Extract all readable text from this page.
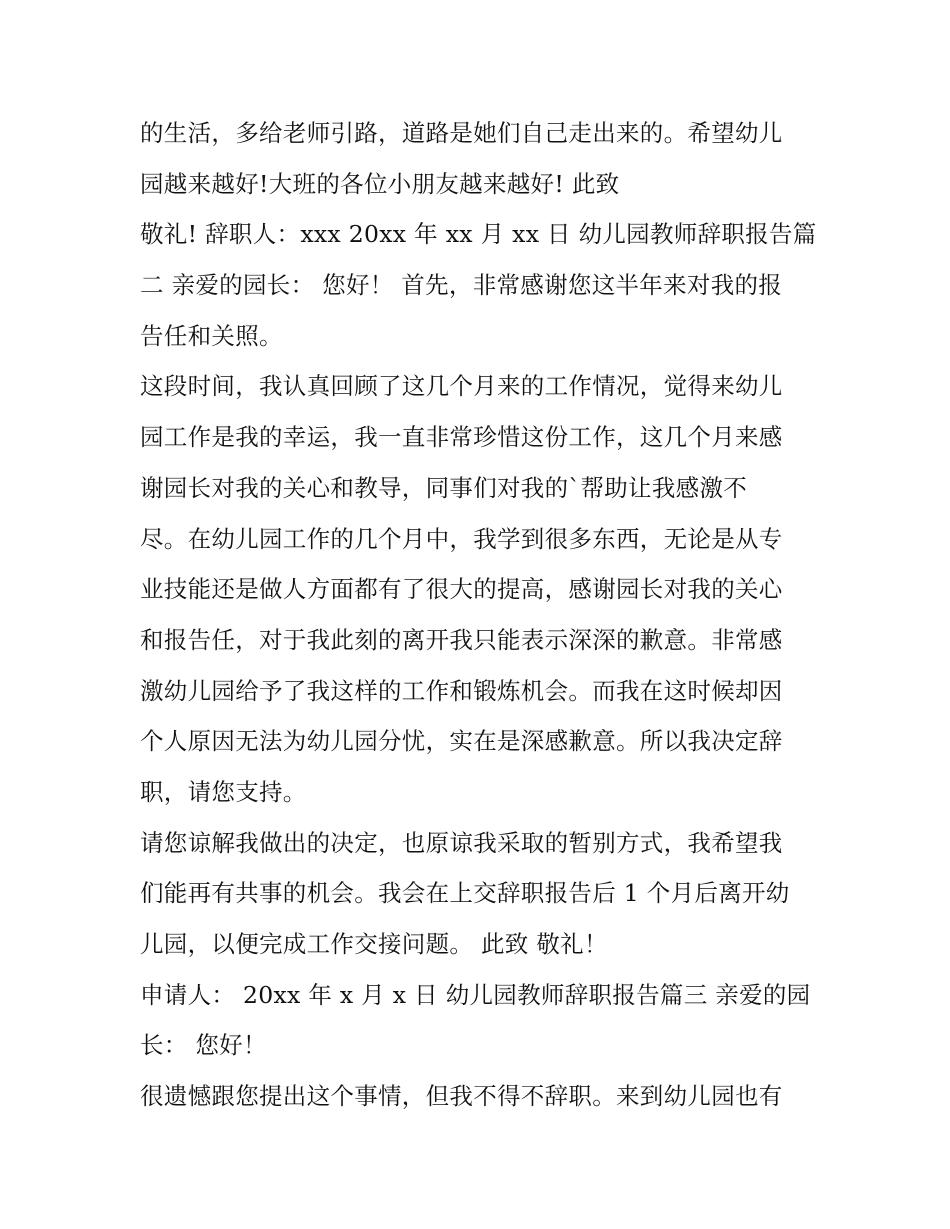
的生活，多给老师引路，道路是她们自己走出来的。希望幼儿
园越来越好!大班的各位小朋友越来越好! 此致
敬礼! 辞职人：xxx 20xx 年 xx 月 xx 日 幼儿园教师辞职报告篇
二 亲爱的园长： 您好！ 首先，非常感谢您这半年来对我的报
告任和关照。
这段时间，我认真回顾了这几个月来的工作情况，觉得来幼儿
园工作是我的幸运，我一直非常珍惜这份工作，这几个月来感
谢园长对我的关心和教导，同事们对我的`帮助让我感激不
尽。在幼儿园工作的几个月中，我学到很多东西，无论是从专
业技能还是做人方面都有了很大的提高，感谢园长对我的关心
和报告任，对于我此刻的离开我只能表示深深的歉意。非常感
激幼儿园给予了我这样的工作和锻炼机会。而我在这时候却因
个人原因无法为幼儿园分忧，实在是深感歉意。所以我决定辞
职，请您支持。
请您谅解我做出的决定，也原谅我采取的暂别方式，我希望我
们能再有共事的机会。我会在上交辞职报告后 1 个月后离开幼
儿园，以便完成工作交接问题。 此致 敬礼！
申请人： 20xx 年 x 月 x 日 幼儿园教师辞职报告篇三 亲爱的园
长： 您好！
很遗憾跟您提出这个事情，但我不得不辞职。来到幼儿园也有
